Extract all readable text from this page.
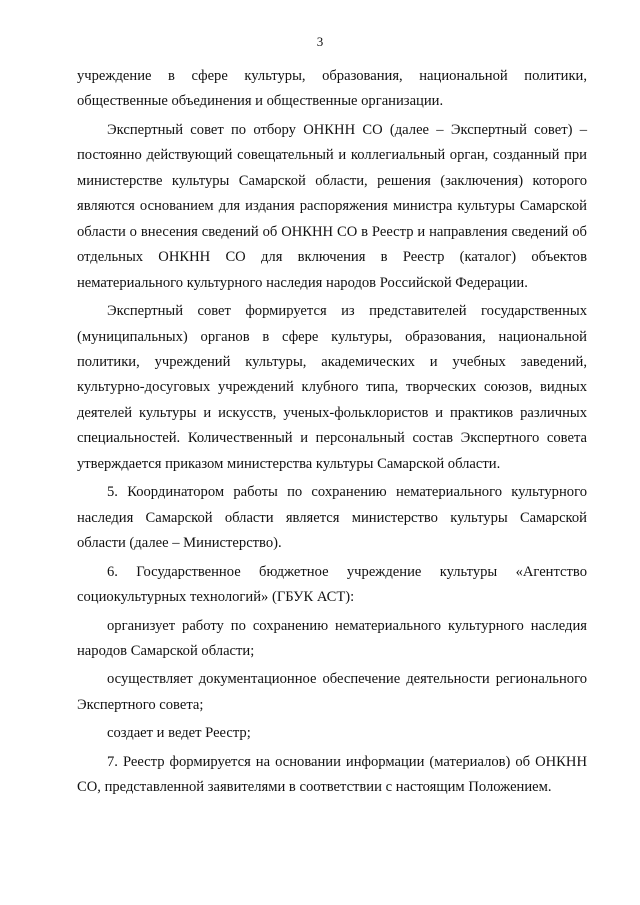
3

учреждение в сфере культуры, образования, национальной политики, общественные объединения и общественные организации.

Экспертный совет по отбору ОНКНН СО (далее – Экспертный совет) – постоянно действующий совещательный и коллегиальный орган, созданный при министерстве культуры Самарской области, решения (заключения) которого являются основанием для издания распоряжения министра культуры Самарской области о внесения сведений об ОНКНН СО в Реестр и направления сведений об отдельных ОНКНН СО для включения в Реестр (каталог) объектов нематериального культурного наследия народов Российской Федерации.

Экспертный совет формируется из представителей государственных (муниципальных) органов в сфере культуры, образования, национальной политики, учреждений культуры, академических и учебных заведений, культурно-досуговых учреждений клубного типа, творческих союзов, видных деятелей культуры и искусств, ученых-фольклористов и практиков различных специальностей. Количественный и персональный состав Экспертного совета утверждается приказом министерства культуры Самарской области.

5. Координатором работы по сохранению нематериального культурного наследия Самарской области является министерство культуры Самарской области (далее – Министерство).

6. Государственное бюджетное учреждение культуры «Агентство социокультурных технологий» (ГБУК АСТ):

организует работу по сохранению нематериального культурного наследия народов Самарской области;

осуществляет документационное обеспечение деятельности регионального Экспертного совета;

создает и ведет Реестр;

7. Реестр формируется на основании информации (материалов) об ОНКНН СО, представленной заявителями в соответствии с настоящим Положением.
